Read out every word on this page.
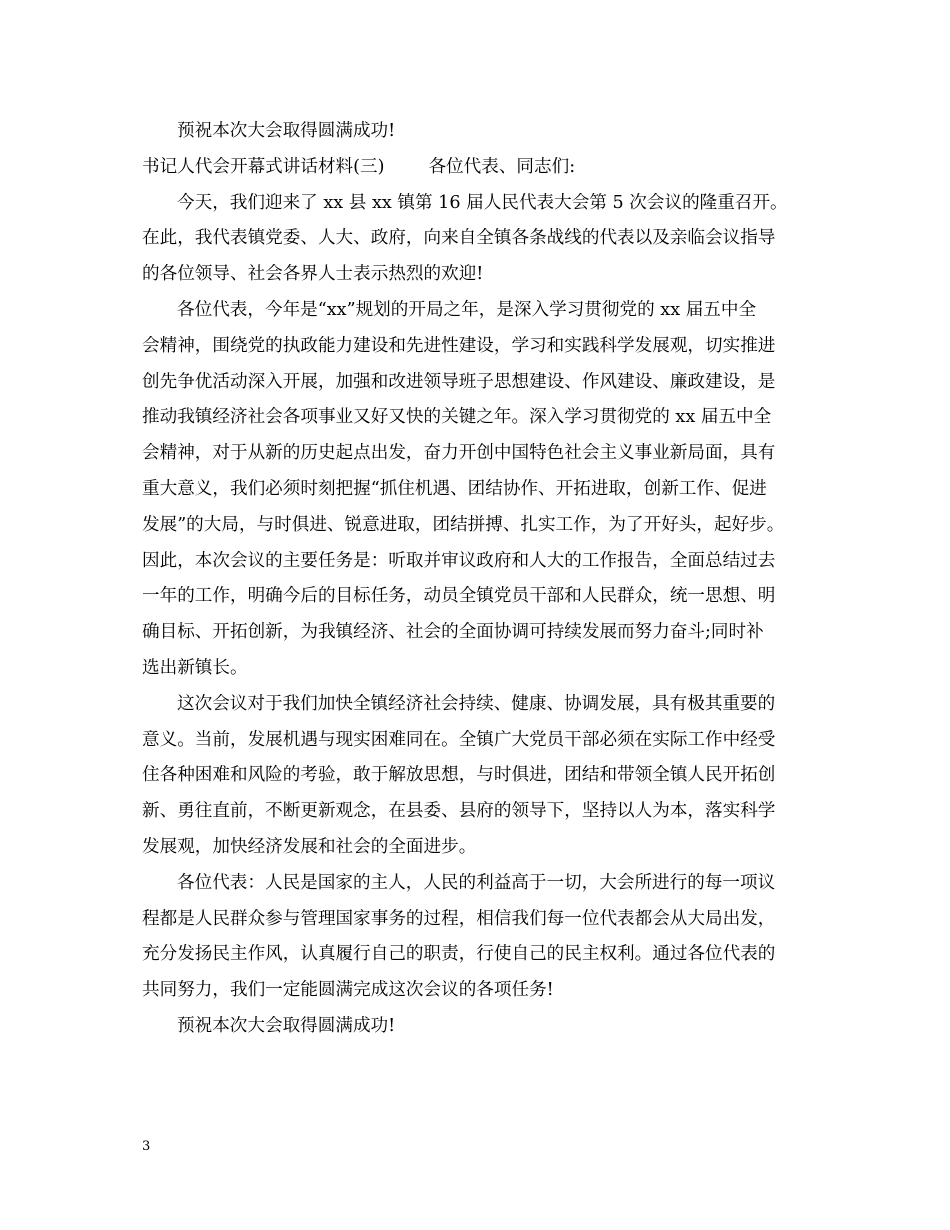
预祝本次大会取得圆满成功!
书记人代会开幕式讲话材料(三)	各位代表、同志们:
今天，我们迎来了 xx 县 xx 镇第 16 届人民代表大会第 5 次会议的隆重召开。
在此，我代表镇党委、人大、政府，向来自全镇各条战线的代表以及亲临会议指导
的各位领导、社会各界人士表示热烈的欢迎!
各位代表，今年是“xx”规划的开局之年，是深入学习贯彻党的 xx 届五中全
会精神，围绕党的执政能力建设和先进性建设，学习和实践科学发展观，切实推进
创先争优活动深入开展，加强和改进领导班子思想建设、作风建设、廉政建设，是
推动我镇经济社会各项事业又好又快的关键之年。深入学习贯彻党的 xx 届五中全
会精神，对于从新的历史起点出发，奋力开创中国特色社会主义事业新局面，具有
重大意义，我们必须时刻把握“抓住机遇、团结协作、开拓进取，创新工作、促进
发展”的大局，与时俱进、锐意进取，团结拼搏、扎实工作，为了开好头，起好步。
因此，本次会议的主要任务是：听取并审议政府和人大的工作报告，全面总结过去
一年的工作，明确今后的目标任务，动员全镇党员干部和人民群众，统一思想、明
确目标、开拓创新，为我镇经济、社会的全面协调可持续发展而努力奋斗;同时补
选出新镇长。
这次会议对于我们加快全镇经济社会持续、健康、协调发展，具有极其重要的
意义。当前，发展机遇与现实困难同在。全镇广大党员干部必须在实际工作中经受
住各种困难和风险的考验，敢于解放思想，与时俱进，团结和带领全镇人民开拓创
新、勇往直前，不断更新观念，在县委、县府的领导下，坚持以人为本，落实科学
发展观，加快经济发展和社会的全面进步。
各位代表：人民是国家的主人，人民的利益高于一切，大会所进行的每一项议
程都是人民群众参与管理国家事务的过程，相信我们每一位代表都会从大局出发，
充分发扬民主作风，认真履行自己的职责，行使自己的民主权利。通过各位代表的
共同努力，我们一定能圆满完成这次会议的各项任务!
预祝本次大会取得圆满成功!
3
